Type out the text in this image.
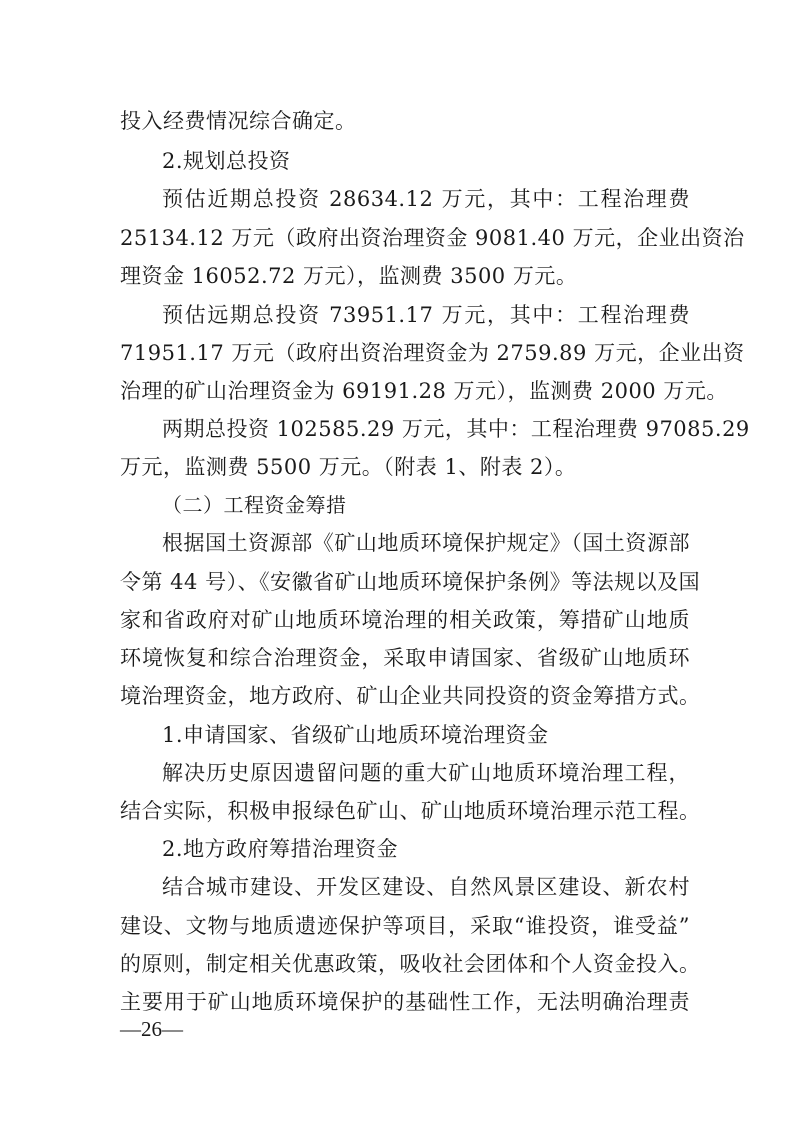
投入经费情况综合确定。
2.规划总投资
预估近期总投资 28634.12 万元，其中：工程治理费
25134.12 万元（政府出资治理资金 9081.40 万元，企业出资治
理资金 16052.72 万元），监测费 3500 万元。
预估远期总投资 73951.17 万元，其中：工程治理费
71951.17 万元（政府出资治理资金为 2759.89 万元，企业出资
治理的矿山治理资金为 69191.28 万元），监测费 2000 万元。
两期总投资 102585.29 万元，其中：工程治理费 97085.29
万元，监测费 5500 万元。（附表 1、附表 2）。
（二）工程资金筹措
根据国土资源部《矿山地质环境保护规定》（国土资源部
令第 44 号）、《安徽省矿山地质环境保护条例》等法规以及国
家和省政府对矿山地质环境治理的相关政策，筹措矿山地质
环境恢复和综合治理资金，采取申请国家、省级矿山地质环
境治理资金，地方政府、矿山企业共同投资的资金筹措方式。
1.申请国家、省级矿山地质环境治理资金
解决历史原因遗留问题的重大矿山地质环境治理工程，
结合实际，积极申报绿色矿山、矿山地质环境治理示范工程。
2.地方政府筹措治理资金
结合城市建设、开发区建设、自然风景区建设、新农村
建设、文物与地质遗迹保护等项目，采取“谁投资，谁受益”
的原则，制定相关优惠政策，吸收社会团体和个人资金投入。
主要用于矿山地质环境保护的基础性工作，无法明确治理责
—26—
